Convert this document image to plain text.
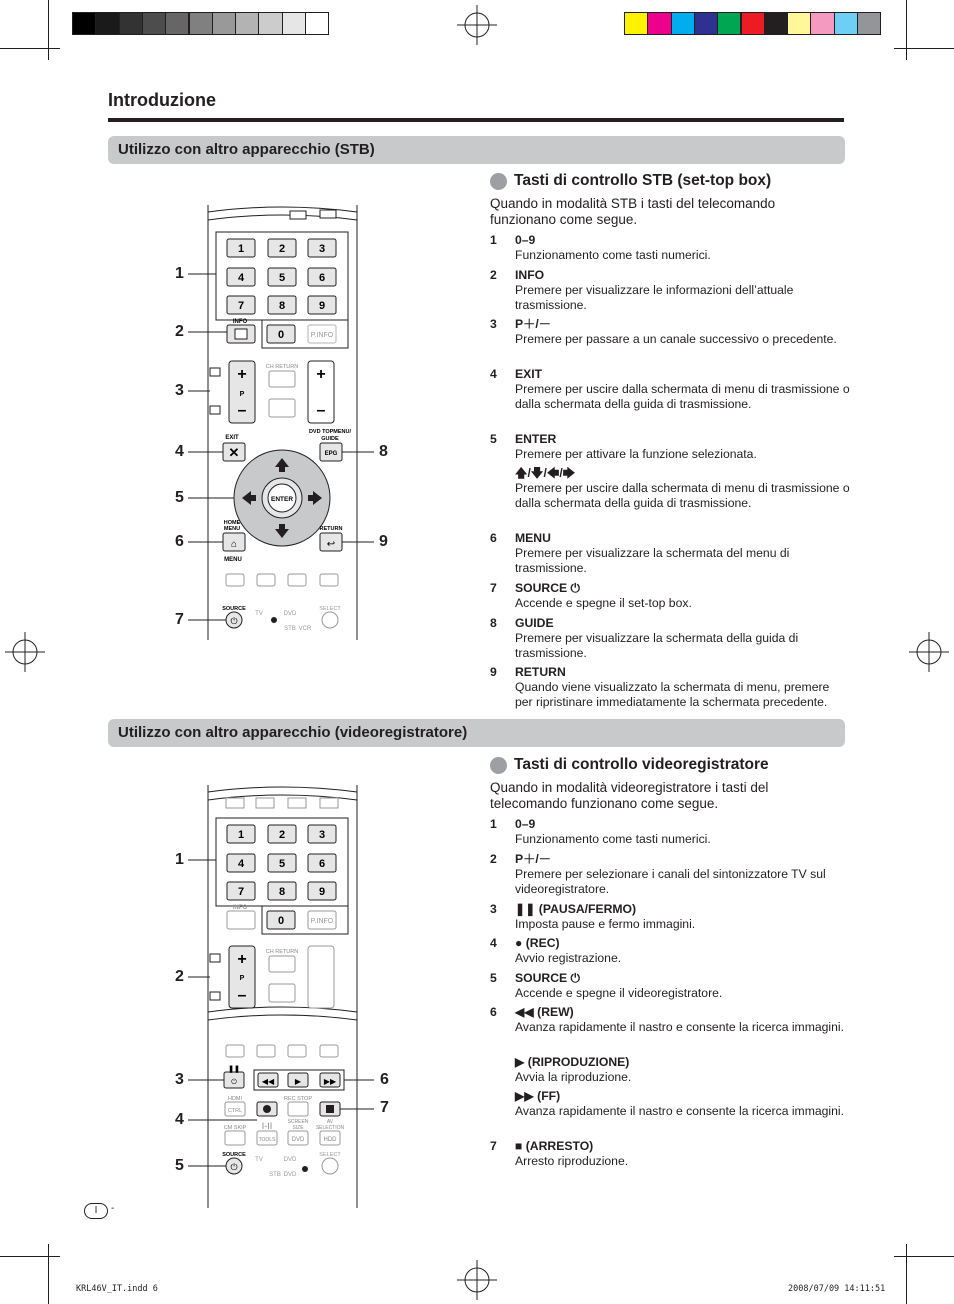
Introduzione
Utilizzo con altro apparecchio (STB)
Tasti di controllo STB (set-top box)
Quando in modalità STB i tasti del telecomando funzionano come segue.
1	0–9
Funzionamento come tasti numerici.
2	INFO
Premere per visualizzare le informazioni dell’attuale trasmissione.
3	P＋/－
Premere per passare a un canale successivo o precedente.
4	EXIT
Premere per uscire dalla schermata di menu di trasmissione o dalla schermata della guida di trasmissione.
5	ENTER
Premere per attivare la funzione selezionata.
🡅/🡇/🡄/🡆
Premere per uscire dalla schermata di menu di trasmissione o dalla schermata della guida di trasmissione.
6	MENU
Premere per visualizzare la schermata del menu di trasmissione.
7	SOURCE ⏻
Accende e spegne il set-top box.
8	GUIDE
Premere per visualizzare la schermata della guida di trasmissione.
9	RETURN
Quando viene visualizzato la schermata di menu, premere per ripristinare immediatamente la schermata precedente.
1	2	3
4	5	6
7	8	9
INFO
0	P.INFO
+
P
–
CH RETURN +
–
EXIT
✕
DVD TOPMENU/
GUIDE
EPG
ENTER
HOME
MENU
⌂
MENU
RETURN
↩
SOURCE
⏻
TV	DVD
STB VCR
SELECT
1
2
3
4
5
6
7
8
9
Utilizzo con altro apparecchio (videoregistratore)
Tasti di controllo videoregistratore
Quando in modalità videoregistratore i tasti del telecomando funzionano come segue.
1	0–9
Funzionamento come tasti numerici.
2	P＋/－
Premere per selezionare i canali del sintonizzatore TV sul videoregistratore.
3	❚❚ (PAUSA/FERMO)
Imposta pause e fermo immagini.
4	● (REC)
Avvio registrazione.
5	SOURCE ⏻
Accende e spegne il videoregistratore.
6	◀◀ (REW)
Avanza rapidamente il nastro e consente la ricerca immagini.
▶ (RIPRODUZIONE)
Avvia la riproduzione.
▶▶ (FF)
Avanza rapidamente il nastro e consente la ricerca immagini.
7	■ (ARRESTO)
Arresto riproduzione.
1	2	3
4	5	6
7	8	9
INFO
0	P.INFO
+
P
–
CH RETURN
❚❚
⏻	◀◀	▶	▶▶
HDMI
CTRL
REC STOP
CM SKIP I-II
TOOLS
SCREEN
SIZE
DVD
AV
SELECTION
HDD
SOURCE
⏻
TV	DVD
STB DVD
SELECT
1
2
3
4
5
6
7
I	-
KRL46V_IT.indd 6	2008/07/09 14:11:51
